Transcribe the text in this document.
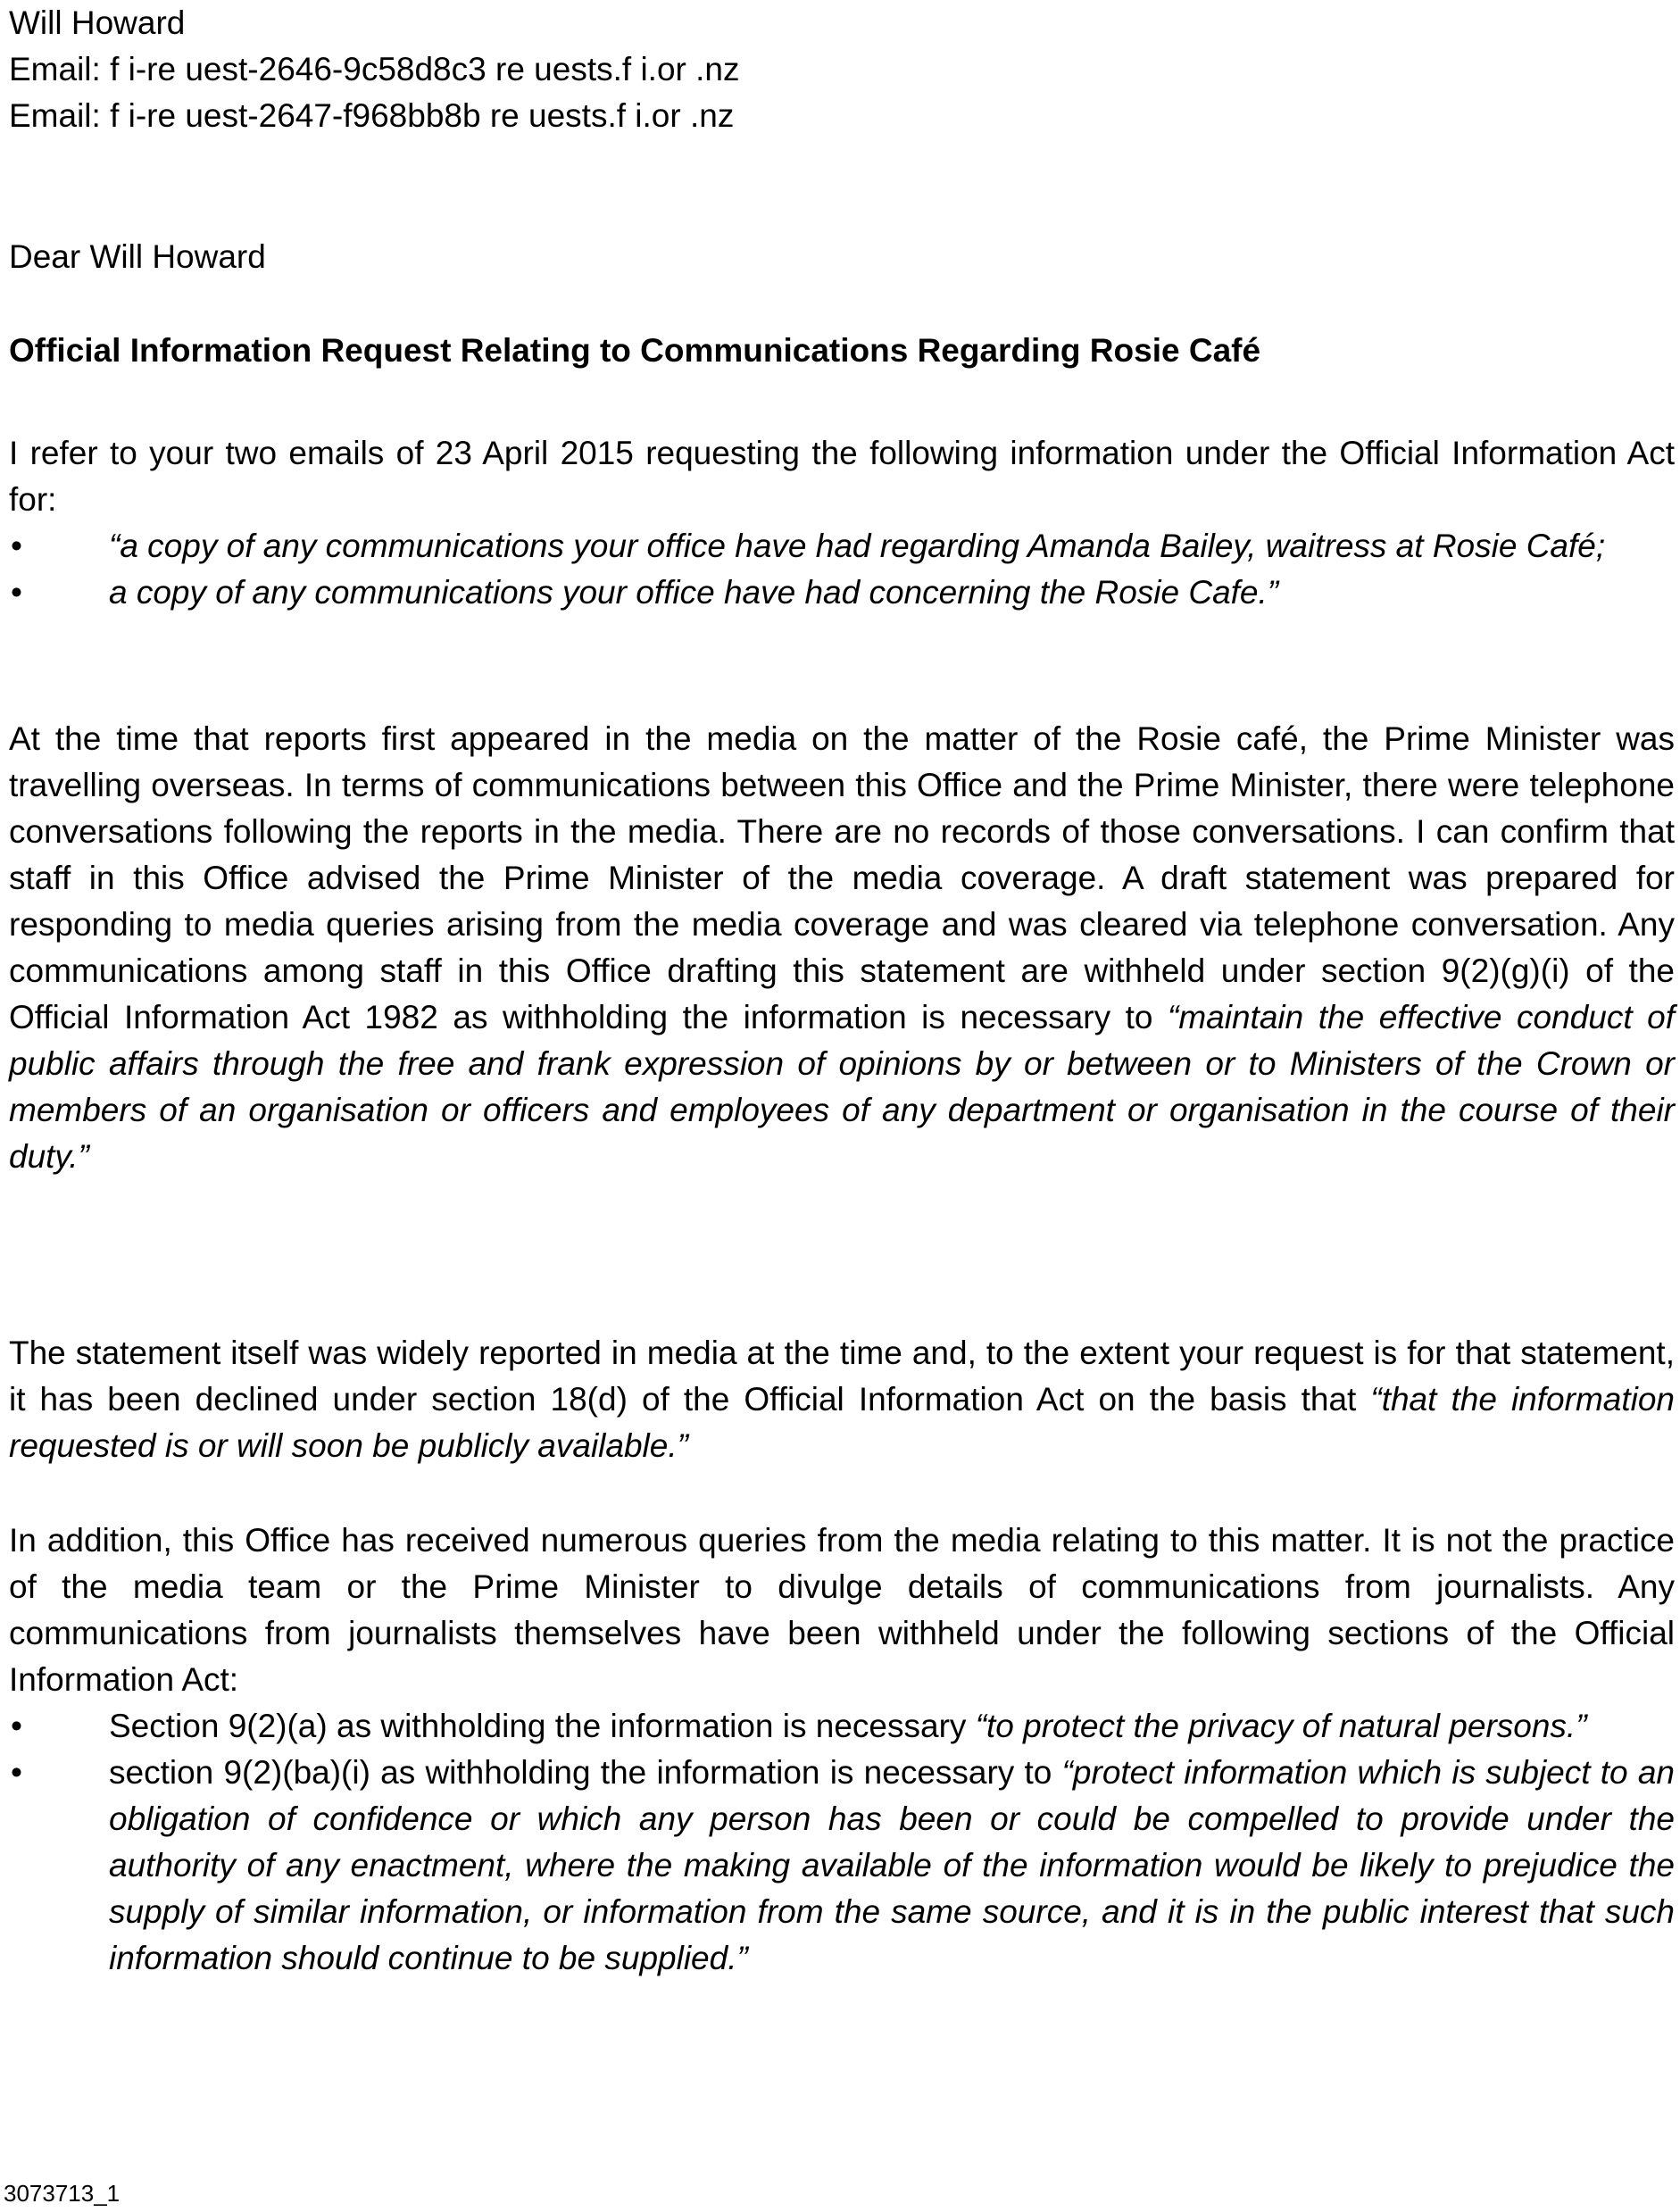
Will Howard
Email: f i-re uest-2646-9c58d8c3 re uests.f i.or .nz
Email: f i-re uest-2647-f968bb8b re uests.f i.or .nz
Dear Will Howard
Official Information Request Relating to Communications Regarding Rosie Café
I refer to your two emails of 23 April 2015 requesting the following information under the Official Information Act for:
• “a copy of any communications your office have had regarding Amanda Bailey, waitress at Rosie Café;
• a copy of any communications your office have had concerning the Rosie Cafe.”
At the time that reports first appeared in the media on the matter of the Rosie café, the Prime Minister was travelling overseas. In terms of communications between this Office and the Prime Minister, there were telephone conversations following the reports in the media. There are no records of those conversations. I can confirm that staff in this Office advised the Prime Minister of the media coverage. A draft statement was prepared for responding to media queries arising from the media coverage and was cleared via telephone conversation. Any communications among staff in this Office drafting this statement are withheld under section 9(2)(g)(i) of the Official Information Act 1982 as withholding the information is necessary to “maintain the effective conduct of public affairs through the free and frank expression of opinions by or between or to Ministers of the Crown or members of an organisation or officers and employees of any department or organisation in the course of their duty.”
The statement itself was widely reported in media at the time and, to the extent your request is for that statement, it has been declined under section 18(d) of the Official Information Act on the basis that “that the information requested is or will soon be publicly available.”
In addition, this Office has received numerous queries from the media relating to this matter. It is not the practice of the media team or the Prime Minister to divulge details of communications from journalists. Any communications from journalists themselves have been withheld under the following sections of the Official Information Act:
• Section 9(2)(a) as withholding the information is necessary “to protect the privacy of natural persons.”
• section 9(2)(ba)(i) as withholding the information is necessary to “protect information which is subject to an obligation of confidence or which any person has been or could be compelled to provide under the authority of any enactment, where the making available of the information would be likely to prejudice the supply of similar information, or information from the same source, and it is in the public interest that such information should continue to be supplied.”
3073713_1
